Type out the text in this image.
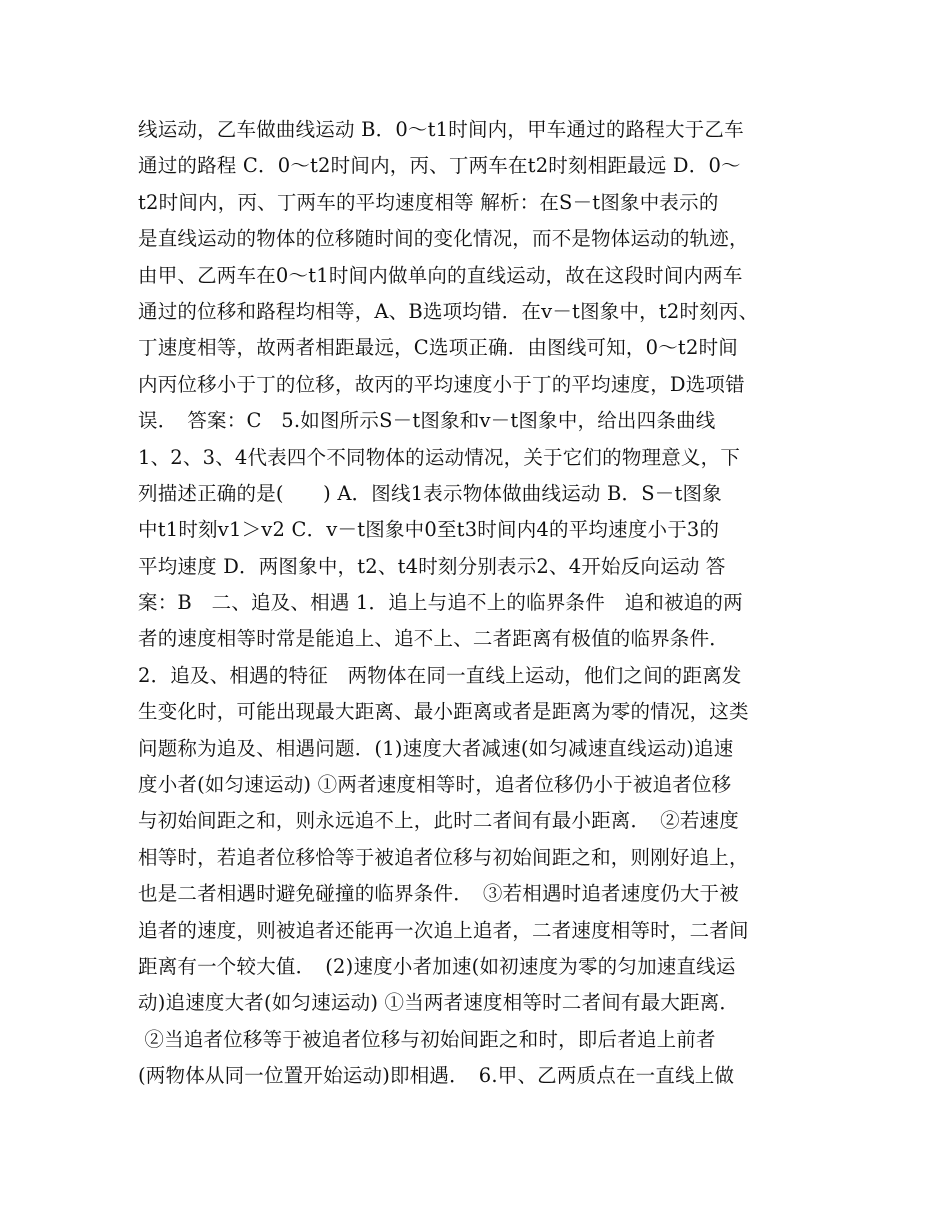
线运动，乙车做曲线运动 B．0～t1时间内，甲车通过的路程大于乙车
通过的路程 C．0～t2时间内，丙、丁两车在t2时刻相距最远 D．0～
t2时间内，丙、丁两车的平均速度相等 解析：在S－t图象中表示的
是直线运动的物体的位移随时间的变化情况，而不是物体运动的轨迹，
由甲、乙两车在0～t1时间内做单向的直线运动，故在这段时间内两车
通过的位移和路程均相等，A、B选项均错．在v－t图象中，t2时刻丙、
丁速度相等，故两者相距最远，C选项正确．由图线可知，0～t2时间
内丙位移小于丁的位移，故丙的平均速度小于丁的平均速度，D选项错
误．　答案：C　5.如图所示S－t图象和v－t图象中，给出四条曲线
1、2、3、4代表四个不同物体的运动情况，关于它们的物理意义，下
列描述正确的是(　　) A．图线1表示物体做曲线运动 B．S－t图象
中t1时刻v1＞v2 C．v－t图象中0至t3时间内4的平均速度小于3的
平均速度 D．两图象中，t2、t4时刻分别表示2、4开始反向运动 答
案：B　二、追及、相遇 1．追上与追不上的临界条件　追和被追的两
者的速度相等时常是能追上、追不上、二者距离有极值的临界条件．
2．追及、相遇的特征　两物体在同一直线上运动，他们之间的距离发
生变化时，可能出现最大距离、最小距离或者是距离为零的情况，这类
问题称为追及、相遇问题．(1)速度大者减速(如匀减速直线运动)追速
度小者(如匀速运动) ①两者速度相等时，追者位移仍小于被追者位移
与初始间距之和，则永远追不上，此时二者间有最小距离．　②若速度
相等时，若追者位移恰等于被追者位移与初始间距之和，则刚好追上，
也是二者相遇时避免碰撞的临界条件．　③若相遇时追者速度仍大于被
追者的速度，则被追者还能再一次追上追者，二者速度相等时，二者间
距离有一个较大值．　(2)速度小者加速(如初速度为零的匀加速直线运
动)追速度大者(如匀速运动) ①当两者速度相等时二者间有最大距离．
②当追者位移等于被追者位移与初始间距之和时，即后者追上前者
(两物体从同一位置开始运动)即相遇．　6.甲、乙两质点在一直线上做
